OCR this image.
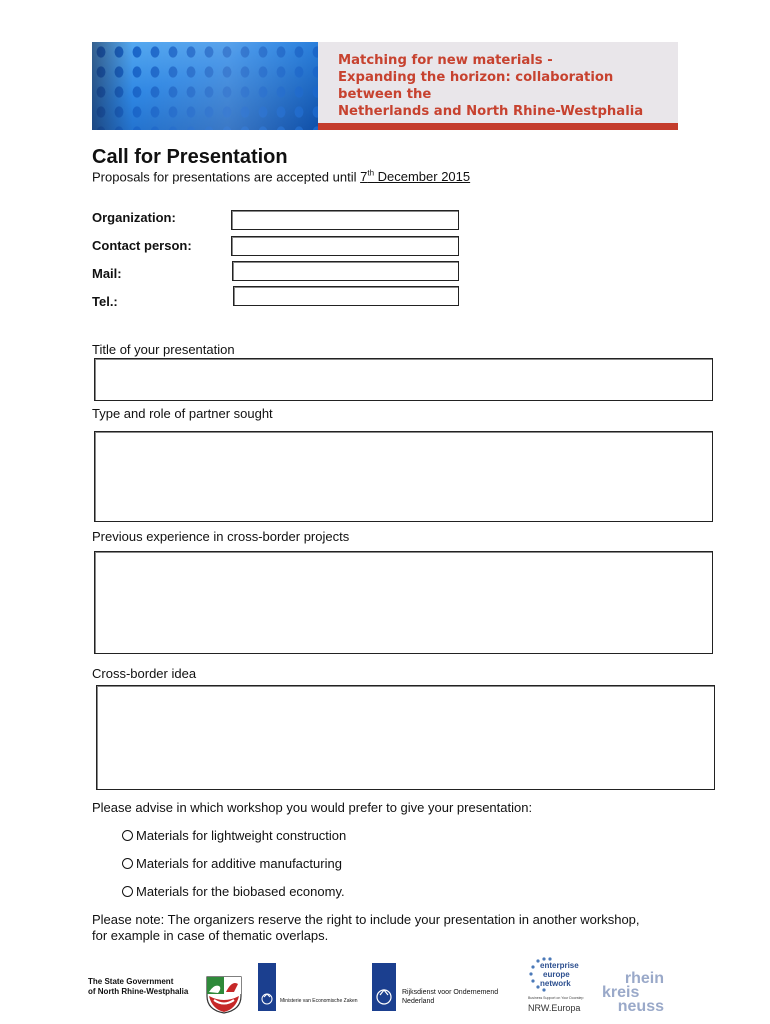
Matching for new materials -
Expanding the horizon: collaboration between the
Netherlands and North Rhine-Westphalia
Call for Presentation
Proposals for presentations are accepted until 7th December 2015
Organization:
Contact person:
Mail:
Tel.:
Title of your presentation
Type and role of partner sought
Previous experience in cross-border projects
Cross-border idea
Please advise in which workshop you would prefer to give your presentation:
Materials for lightweight construction
Materials for additive manufacturing
Materials for the biobased economy.
Please note: The organizers reserve the right to include your presentation in another workshop,
for example in case of thematic overlaps.
The State Government
of North Rhine-Westphalia
Ministerie van Economische Zaken
Rijksdienst voor Ondernemend
Nederland
enterprise
europe
network
Business Support on Your Doorstep
NRW.Europa
rhein
kreis
neuss
